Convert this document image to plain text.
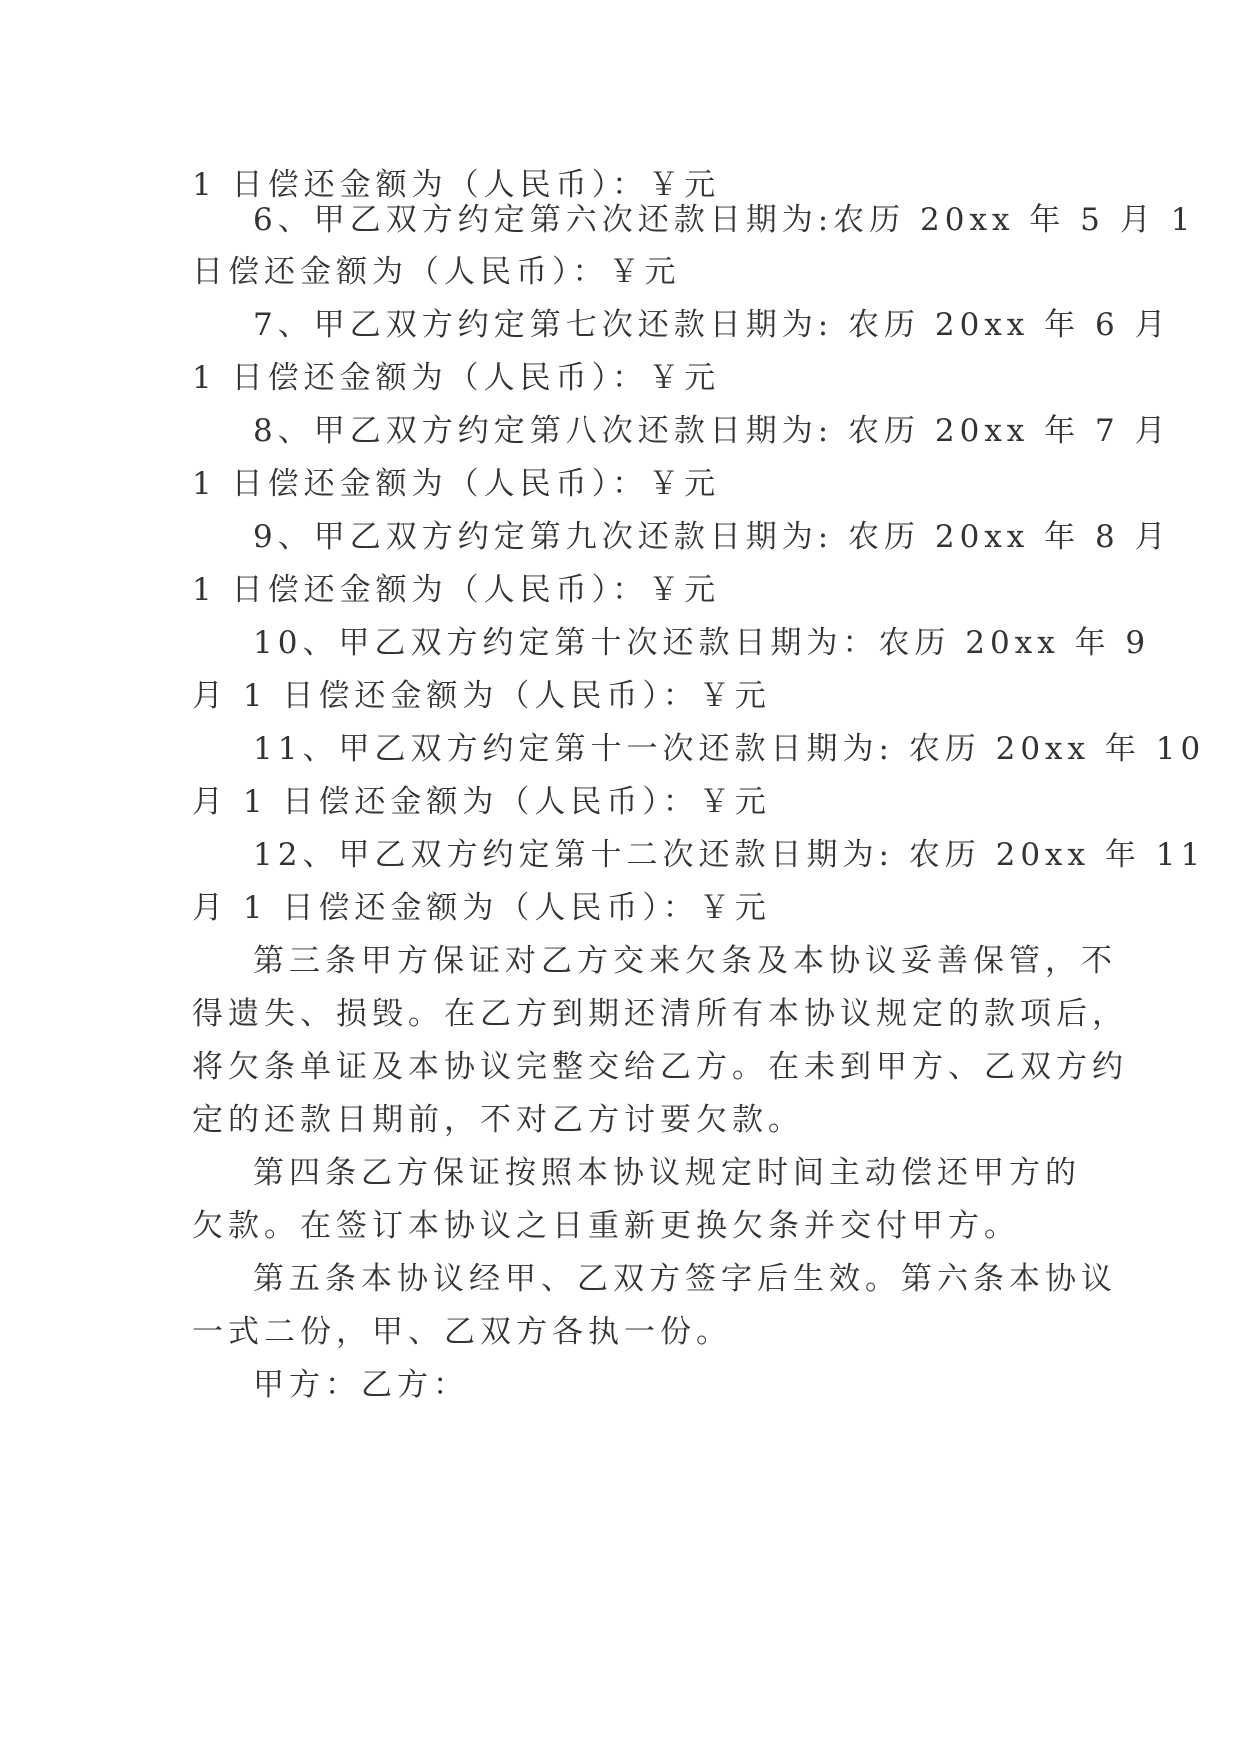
1 日偿还金额为（人民币）：￥元
6、甲乙双方约定第六次还款日期为:农历 20xx 年 5 月 1
日偿还金额为（人民币）：￥元
7、甲乙双方约定第七次还款日期为: 农历 20xx 年 6 月
1 日偿还金额为（人民币）：￥元
8、甲乙双方约定第八次还款日期为: 农历 20xx 年 7 月
1 日偿还金额为（人民币）：￥元
9、甲乙双方约定第九次还款日期为: 农历 20xx 年 8 月
1 日偿还金额为（人民币）：￥元
10、甲乙双方约定第十次还款日期为：农历 20xx 年 9
月 1 日偿还金额为（人民币）：￥元
11、甲乙双方约定第十一次还款日期为: 农历 20xx 年 10
月 1 日偿还金额为（人民币）：￥元
12、甲乙双方约定第十二次还款日期为: 农历 20xx 年 11
月 1 日偿还金额为（人民币）：￥元
第三条甲方保证对乙方交来欠条及本协议妥善保管，不
得遗失、损毁。在乙方到期还清所有本协议规定的款项后，
将欠条单证及本协议完整交给乙方。在未到甲方、乙双方约
定的还款日期前，不对乙方讨要欠款。
第四条乙方保证按照本协议规定时间主动偿还甲方的
欠款。在签订本协议之日重新更换欠条并交付甲方。
第五条本协议经甲、乙双方签字后生效。第六条本协议
一式二份，甲、乙双方各执一份。
甲方：乙方：
